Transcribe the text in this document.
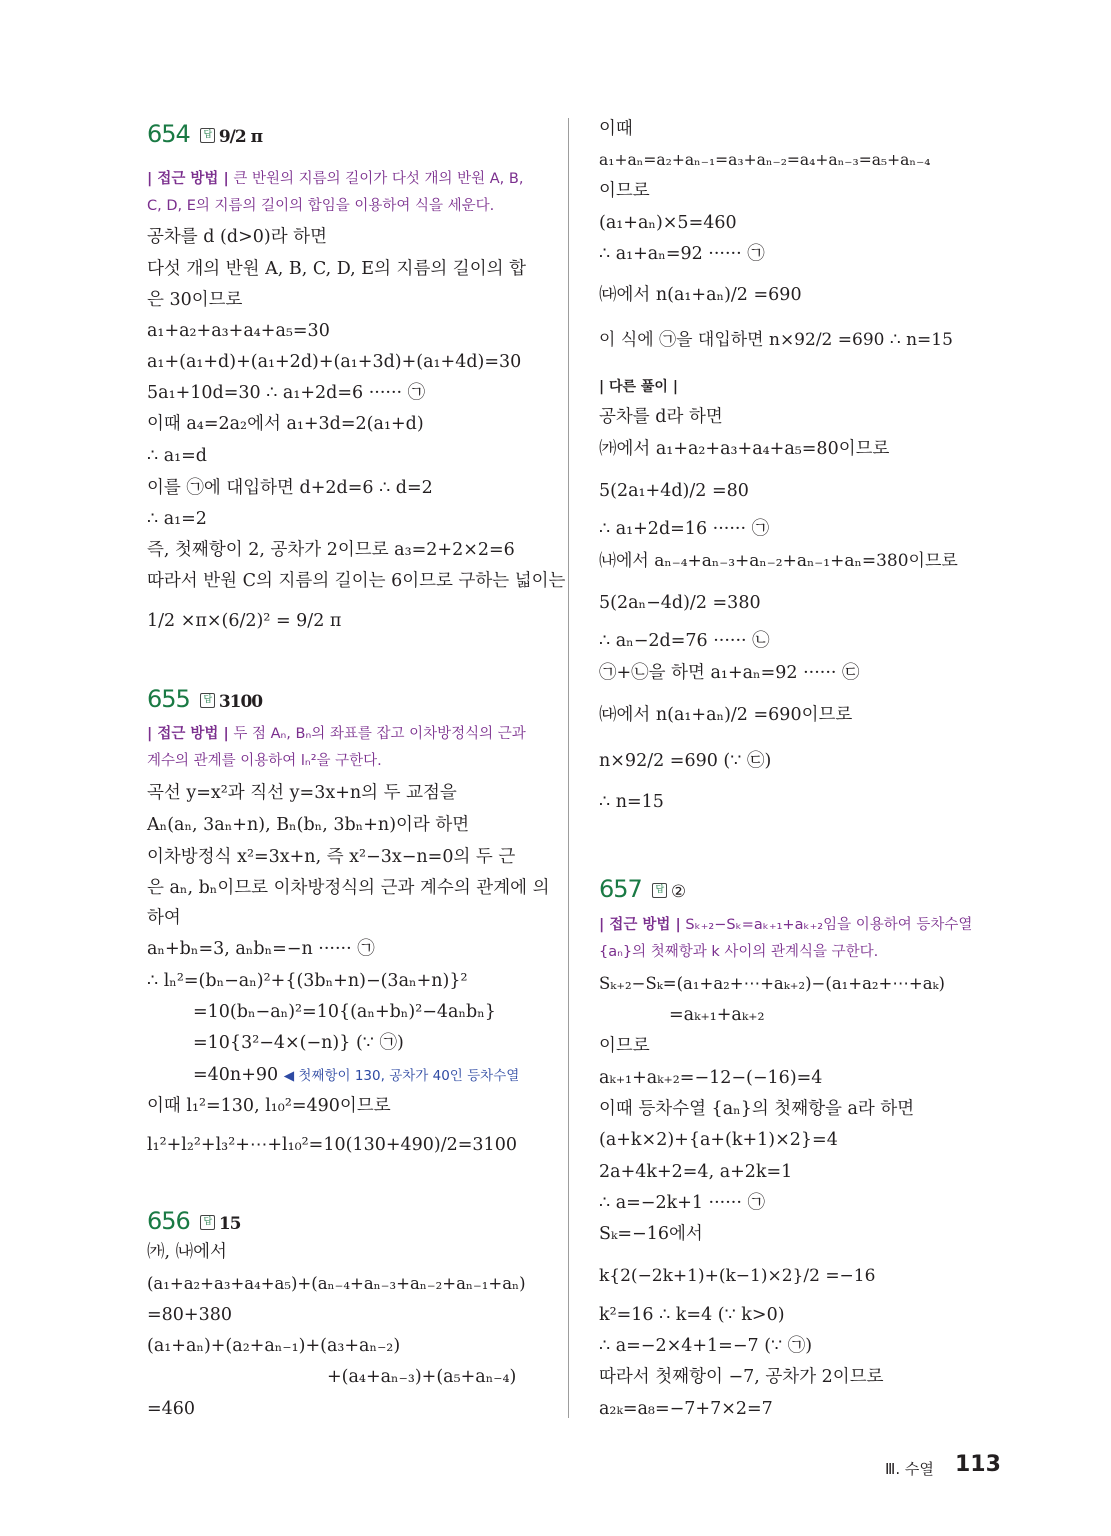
654 답 9/2 π
| 접근 방법 | 큰 반원의 지름의 길이가 다섯 개의 반원 A, B,
C, D, E의 지름의 길이의 합임을 이용하여 식을 세운다.
공차를 d (d>0)라 하면
다섯 개의 반원 A, B, C, D, E의 지름의 길이의 합
은 30이므로
a₁+a₂+a₃+a₄+a₅=30
a₁+(a₁+d)+(a₁+2d)+(a₁+3d)+(a₁+4d)=30
5a₁+10d=30 ∴ a₁+2d=6 ······ ㉠
이때 a₄=2a₂에서 a₁+3d=2(a₁+d)
∴ a₁=d
이를 ㉠에 대입하면 d+2d=6 ∴ d=2
∴ a₁=2
즉, 첫째항이 2, 공차가 2이므로 a₃=2+2×2=6
따라서 반원 C의 지름의 길이는 6이므로 구하는 넓이는
1/2 ×π×(6/2)² = 9/2 π
655 답 3100
| 접근 방법 | 두 점 Aₙ, Bₙ의 좌표를 잡고 이차방정식의 근과
계수의 관계를 이용하여 lₙ²을 구한다.
곡선 y=x²과 직선 y=3x+n의 두 교점을
Aₙ(aₙ, 3aₙ+n), Bₙ(bₙ, 3bₙ+n)이라 하면
이차방정식 x²=3x+n, 즉 x²−3x−n=0의 두 근
은 aₙ, bₙ이므로 이차방정식의 근과 계수의 관계에 의
하여
aₙ+bₙ=3, aₙbₙ=−n ······ ㉠
∴ lₙ²=(bₙ−aₙ)²+{(3bₙ+n)−(3aₙ+n)}²
=10(bₙ−aₙ)²=10{(aₙ+bₙ)²−4aₙbₙ}
=10{3²−4×(−n)} (∵ ㉠)
=40n+90 ◀ 첫째항이 130, 공차가 40인 등차수열
이때 l₁²=130, l₁₀²=490이므로
l₁²+l₂²+l₃²+⋯+l₁₀²=10(130+490)/2=3100
656 답 15
㈎, ㈏에서
(a₁+a₂+a₃+a₄+a₅)+(aₙ₋₄+aₙ₋₃+aₙ₋₂+aₙ₋₁+aₙ)
=80+380
(a₁+aₙ)+(a₂+aₙ₋₁)+(a₃+aₙ₋₂)
+(a₄+aₙ₋₃)+(a₅+aₙ₋₄)
=460
이때
a₁+aₙ=a₂+aₙ₋₁=a₃+aₙ₋₂=a₄+aₙ₋₃=a₅+aₙ₋₄
이므로
(a₁+aₙ)×5=460
∴ a₁+aₙ=92 ······ ㉠
㈐에서 n(a₁+aₙ)/2 =690
이 식에 ㉠을 대입하면 n×92/2 =690 ∴ n=15
| 다른 풀이 |
공차를 d라 하면
㈎에서 a₁+a₂+a₃+a₄+a₅=80이므로
5(2a₁+4d)/2 =80
∴ a₁+2d=16 ······ ㉠
㈏에서 aₙ₋₄+aₙ₋₃+aₙ₋₂+aₙ₋₁+aₙ=380이므로
5(2aₙ−4d)/2 =380
∴ aₙ−2d=76 ······ ㉡
㉠+㉡을 하면 a₁+aₙ=92 ······ ㉢
㈐에서 n(a₁+aₙ)/2 =690이므로
n×92/2 =690 (∵ ㉢)
∴ n=15
657 답 ②
| 접근 방법 | Sₖ₊₂−Sₖ=aₖ₊₁+aₖ₊₂임을 이용하여 등차수열
{aₙ}의 첫째항과 k 사이의 관계식을 구한다.
Sₖ₊₂−Sₖ=(a₁+a₂+⋯+aₖ₊₂)−(a₁+a₂+⋯+aₖ)
=aₖ₊₁+aₖ₊₂
이므로
aₖ₊₁+aₖ₊₂=−12−(−16)=4
이때 등차수열 {aₙ}의 첫째항을 a라 하면
(a+k×2)+{a+(k+1)×2}=4
2a+4k+2=4, a+2k=1
∴ a=−2k+1 ······ ㉠
Sₖ=−16에서
k{2(−2k+1)+(k−1)×2}/2 =−16
k²=16 ∴ k=4 (∵ k>0)
∴ a=−2×4+1=−7 (∵ ㉠)
따라서 첫째항이 −7, 공차가 2이므로
a₂ₖ=a₈=−7+7×2=7
Ⅲ. 수열 113
